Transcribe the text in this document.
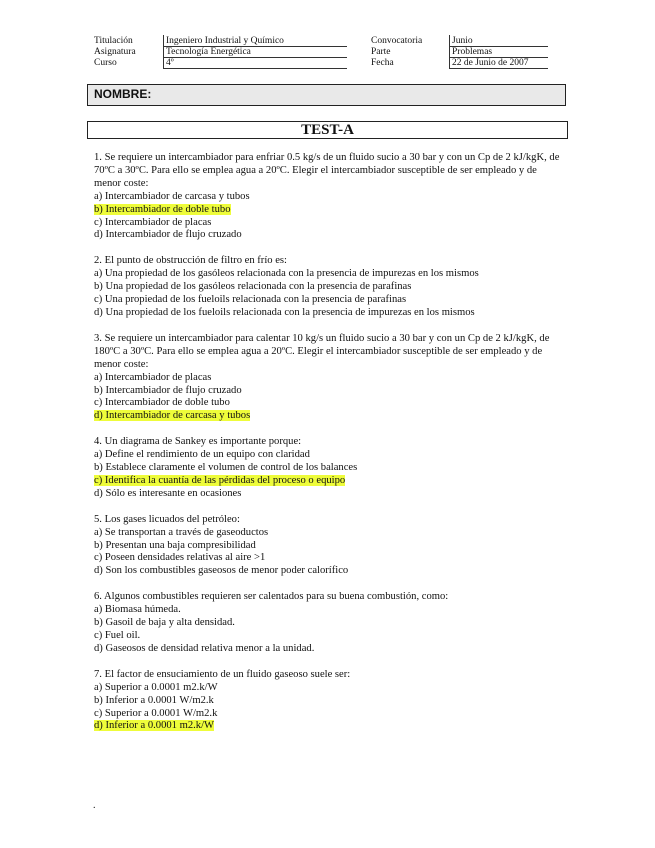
Titulación
Asignatura
Curso
Ingeniero Industrial y Químico
Tecnología Energética
4º
Convocatoria
Parte
Fecha
Junio
Problemas
22 de Junio de 2007
NOMBRE:
TEST-A
1. Se requiere un intercambiador para enfriar 0.5 kg/s de un fluido sucio a 30 bar y con un Cp de 2 kJ/kgK, de 70ºC a 30ºC. Para ello se emplea agua a 20ºC. Elegir el intercambiador susceptible de ser empleado y de menor coste:
a) Intercambiador de carcasa y tubos
b) Intercambiador de doble tubo
c) Intercambiador de placas
d) Intercambiador de flujo cruzado
2. El punto de obstrucción de filtro en frío es:
a) Una propiedad de los gasóleos relacionada con la presencia de impurezas en los mismos
b) Una propiedad de los gasóleos relacionada con la presencia de parafinas
c) Una propiedad de los fueloils relacionada con la presencia de parafinas
d) Una propiedad de los fueloils relacionada con la presencia de impurezas en los mismos
3. Se requiere un intercambiador para calentar 10 kg/s un fluido sucio a 30 bar y con un Cp de 2 kJ/kgK, de 180ºC a 30ºC. Para ello se emplea agua a 20ºC. Elegir el intercambiador susceptible de ser empleado y de menor coste:
a) Intercambiador de placas
b) Intercambiador de flujo cruzado
c) Intercambiador de doble tubo
d) Intercambiador de carcasa y tubos
4. Un diagrama de Sankey es importante porque:
a) Define el rendimiento de un equipo con claridad
b) Establece claramente el volumen de control de los balances
c) Identifica la cuantía de las pérdidas del proceso o equipo
d) Sólo es interesante en ocasiones
5. Los gases licuados del petróleo:
a) Se transportan a través de gaseoductos
b) Presentan una baja compresibilidad
c) Poseen densidades relativas al aire >1
d) Son los combustibles gaseosos de menor poder calorífico
6. Algunos combustibles requieren ser calentados para su buena combustión, como:
a) Biomasa húmeda.
b) Gasoil de baja y alta densidad.
c) Fuel oil.
d) Gaseosos de densidad relativa menor a la unidad.
7. El factor de ensuciamiento de un fluido gaseoso suele ser:
a) Superior a 0.0001 m2.k/W
b) Inferior a 0.0001 W/m2.k
c) Superior a 0.0001 W/m2.k
d) Inferior a 0.0001 m2.k/W
.
